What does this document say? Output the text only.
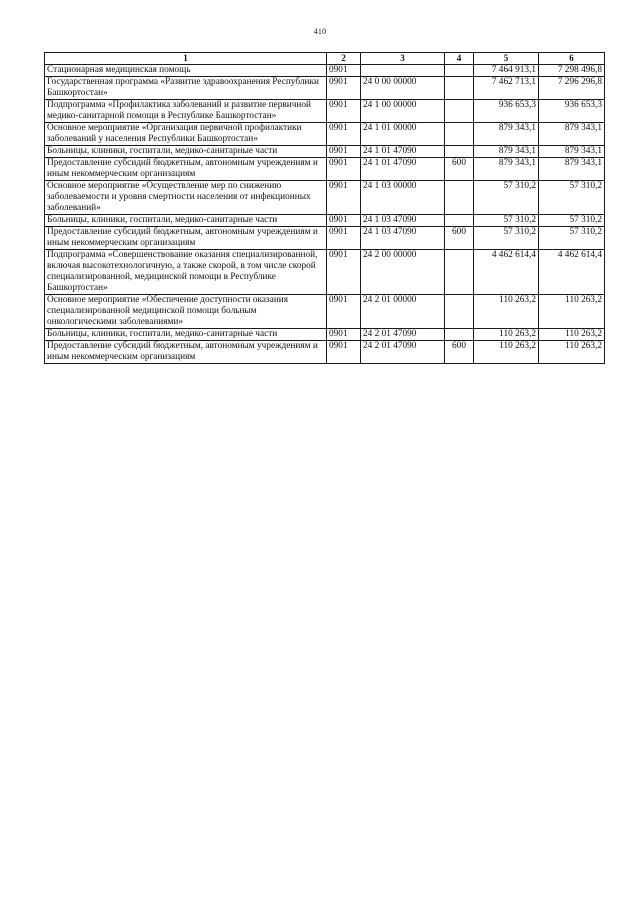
410
1	2	3	4	5	6
Стационарная медицинская помощь	0901			7 464 913,1	7 298 496,8
Государственная программа «Развитие здравоохранения Республики Башкортостан»	0901	24 0 00 00000		7 462 713,1	7 296 296,8
Подпрограмма «Профилактика заболеваний и развитие первичной медико-санитарной помощи в Республике Башкортостан»	0901	24 1 00 00000		936 653,3	936 653,3
Основное мероприятие «Организация первичной профилактики заболеваний у населения Республики Башкортостан»	0901	24 1 01 00000		879 343,1	879 343,1
Больницы, клиники, госпитали, медико-санитарные части	0901	24 1 01 47090		879 343,1	879 343,1
Предоставление субсидий бюджетным, автономным учреждениям и иным некоммерческим организациям	0901	24 1 01 47090	600	879 343,1	879 343,1
Основное мероприятие «Осуществление мер по снижению заболеваемости и уровня смертности населения от инфекционных заболеваний»	0901	24 1 03 00000		57 310,2	57 310,2
Больницы, клиники, госпитали, медико-санитарные части	0901	24 1 03 47090		57 310,2	57 310,2
Предоставление субсидий бюджетным, автономным учреждениям и иным некоммерческим организациям	0901	24 1 03 47090	600	57 310,2	57 310,2
Подпрограмма «Совершенствование оказания специализированной, включая высокотехнологичную, а также скорой, в том числе скорой специализированной, медицинской помощи в Республике Башкортостан»	0901	24 2 00 00000		4 462 614,4	4 462 614,4
Основное мероприятие «Обеспечение доступности оказания специализированной медицинской помощи больным онкологическими заболеваниями»	0901	24 2 01 00000		110 263,2	110 263,2
Больницы, клиники, госпитали, медико-санитарные части	0901	24 2 01 47090		110 263,2	110 263,2
Предоставление субсидий бюджетным, автономным учреждениям и иным некоммерческим организациям	0901	24 2 01 47090	600	110 263,2	110 263,2
